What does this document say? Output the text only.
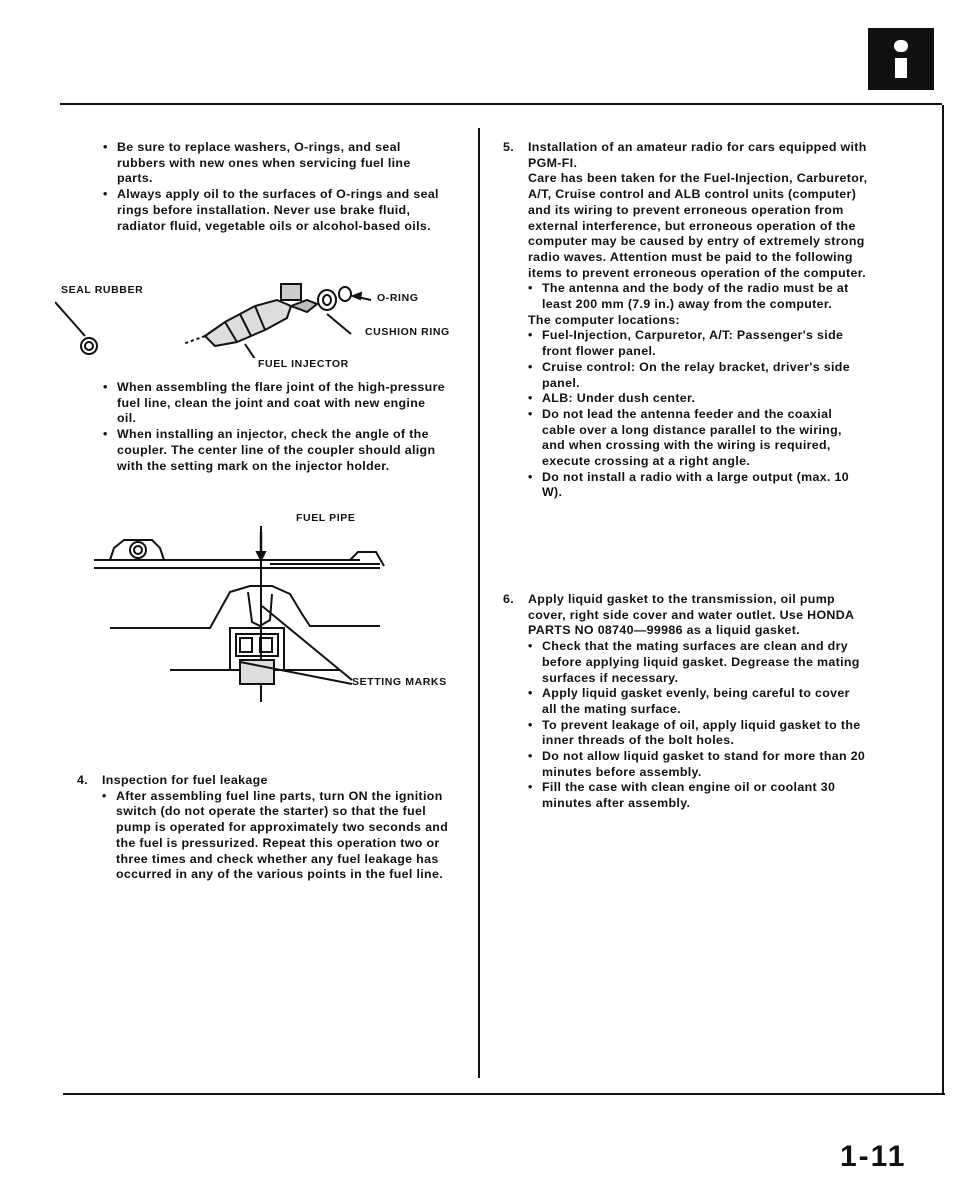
• Be sure to replace washers, O-rings, and seal rubbers with new ones when servicing fuel line parts.
• Always apply oil to the surfaces of O-rings and seal rings before installation. Never use brake fluid, radiator fluid, vegetable oils or alcohol-based oils.
SEAL RUBBER
O-RING
CUSHION RING
FUEL INJECTOR
• When assembling the flare joint of the high-pressure fuel line, clean the joint and coat with new engine oil.
• When installing an injector, check the angle of the coupler. The center line of the coupler should align with the setting mark on the injector holder.
FUEL PIPE
SETTING MARKS
4. Inspection for fuel leakage
• After assembling fuel line parts, turn ON the ignition switch (do not operate the starter) so that the fuel pump is operated for approximately two seconds and the fuel is pressurized. Repeat this operation two or three times and check whether any fuel leakage has occurred in any of the various points in the fuel line.
5. Installation of an amateur radio for cars equipped with PGM-FI.
Care has been taken for the Fuel-Injection, Carburetor, A/T, Cruise control and ALB control units (computer) and its wiring to prevent erroneous operation from external interference, but erroneous operation of the computer may be caused by entry of extremely strong radio waves. Attention must be paid to the following items to prevent erroneous operation of the computer.
• The antenna and the body of the radio must be at least 200 mm (7.9 in.) away from the computer.
The computer locations:
• Fuel-Injection, Carpuretor, A/T: Passenger's side front flower panel.
• Cruise control: On the relay bracket, driver's side panel.
• ALB: Under dush center.
• Do not lead the antenna feeder and the coaxial cable over a long distance parallel to the wiring, and when crossing with the wiring is required, execute crossing at a right angle.
• Do not install a radio with a large output (max. 10 W).
6. Apply liquid gasket to the transmission, oil pump cover, right side cover and water outlet. Use HONDA PARTS NO 08740—99986 as a liquid gasket.
• Check that the mating surfaces are clean and dry before applying liquid gasket. Degrease the mating surfaces if necessary.
• Apply liquid gasket evenly, being careful to cover all the mating surface.
• To prevent leakage of oil, apply liquid gasket to the inner threads of the bolt holes.
• Do not allow liquid gasket to stand for more than 20 minutes before assembly.
• Fill the case with clean engine oil or coolant 30 minutes after assembly.
1-11
